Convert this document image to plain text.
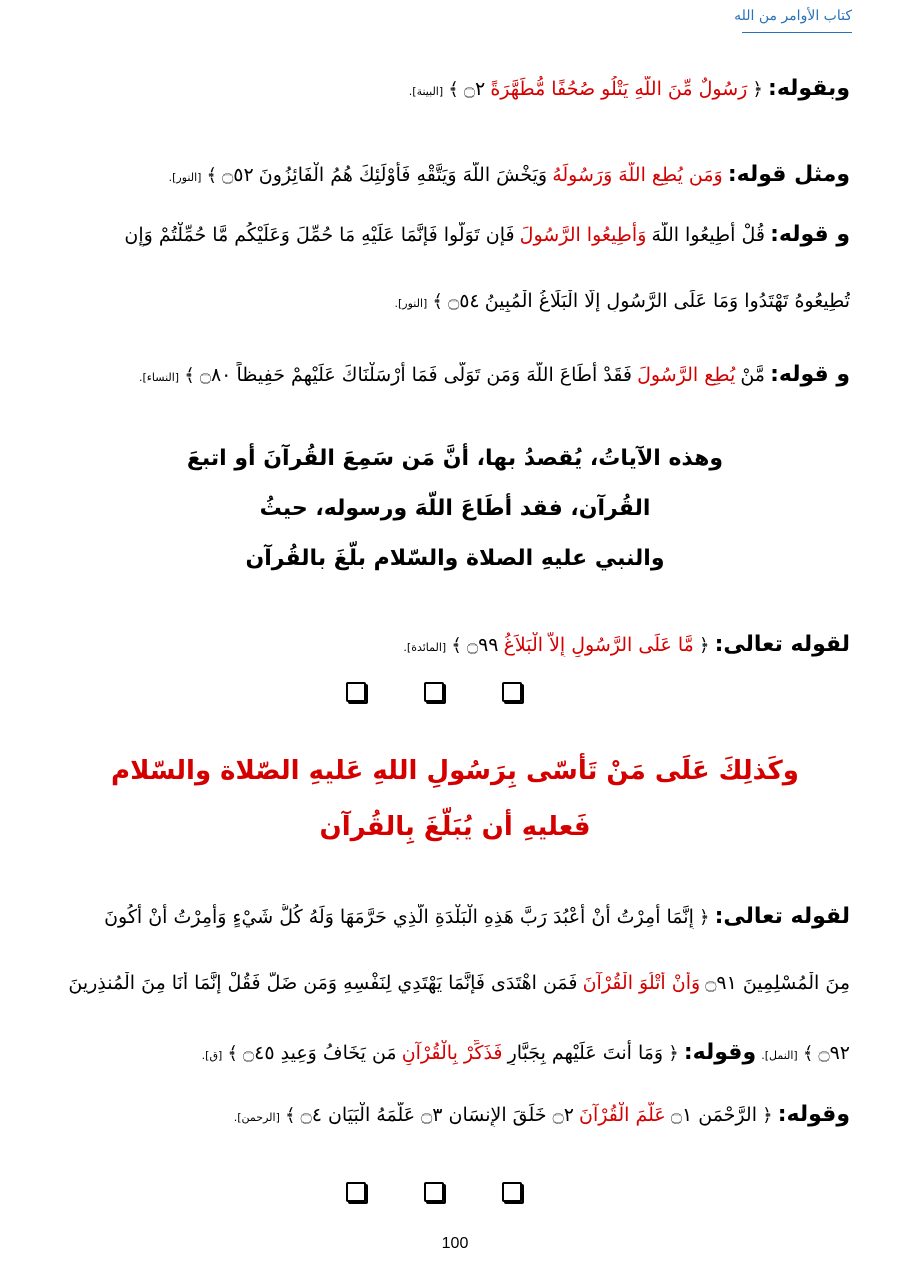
كتاب الأوامر من الله
وبقوله: ﴿ رَسُولٌ مِّنَ اللَّهِ يَتْلُو صُحُفًا مُّطَهَّرَةً ۝٢ ﴾ [البينة].
ومثل قوله: وَمَن يُطِعِ اللَّهَ وَرَسُولَهُ وَيَخْشَ اللَّهَ وَيَتَّقْهِ فَأُوْلَئِكَ هُمُ الْفَائِزُونَ ۝٥٢ ﴾ [النور].
و قوله: قُلْ أَطِيعُوا اللَّهَ وَأَطِيعُوا الرَّسُولَ فَإِن تَوَلَّوا فَإِنَّمَا عَلَيْهِ مَا حُمِّلَ وَعَلَيْكُم مَّا حُمِّلْتُمْ وَإِن
تُطِيعُوهُ تَهْتَدُوا وَمَا عَلَى الرَّسُولِ إِلَّا الْبَلَاغُ الْمُبِينُ ۝٥٤ ﴾ [النور].
و قوله: مَّنْ يُطِعِ الرَّسُولَ فَقَدْ أَطَاعَ اللَّهَ وَمَن تَوَلَّى فَمَا أَرْسَلْنَاكَ عَلَيْهِمْ حَفِيظاً ۝٨٠ ﴾ [النساء].
وهذه الآياتُ، يُقصدُ بها، أنَّ مَن سَمِعَ القُرآنَ أو اتبعَ
القُرآن، فقد أطَاعَ اللّهَ ورسوله، حيثُ
والنبي عليهِ الصلاة والسّلام بلّغَ بالقُرآن
لقوله تعالى: ﴿ مَّا عَلَى الرَّسُولِ إِلاَّ الْبَلاَغُ ۝٩٩ ﴾ [المائدة].
وكَذلِكَ عَلَى مَنْ تَأسّى بِرَسُولِ اللهِ عَليهِ الصّلاة والسّلام
فَعليهِ أن يُبَلّغَ بِالقُرآن
لقوله تعالى: ﴿ إِنَّمَا أُمِرْتُ أَنْ أَعْبُدَ رَبَّ هَذِهِ الْبَلْدَةِ الَّذِي حَرَّمَهَا وَلَهُ كُلُّ شَيْءٍ وَأُمِرْتُ أَنْ أَكُونَ
مِنَ الْمُسْلِمِينَ ۝٩١ وَأَنْ أَتْلُوَ الْقُرْآنَ فَمَنِ اهْتَدَى فَإِنَّمَا يَهْتَدِي لِنَفْسِهِ وَمَن ضَلَّ فَقُلْ إِنَّمَا أَنَا مِنَ الْمُنذِرِينَ
۝٩٢ ﴾ [النمل]. وقوله: ﴿ وَمَا أَنتَ عَلَيْهِم بِجَبَّارٍ فَذَكِّرْ بِالْقُرْآنِ مَن يَخَافُ وَعِيدِ ۝٤٥ ﴾ [ق].
وقوله: ﴿ الرَّحْمَن ۝١ عَلَّمَ الْقُرْآنَ ۝٢ خَلَقَ الإِنسَان ۝٣ عَلَّمَهُ الْبَيَان ۝٤ ﴾ [الرحمن].
100
